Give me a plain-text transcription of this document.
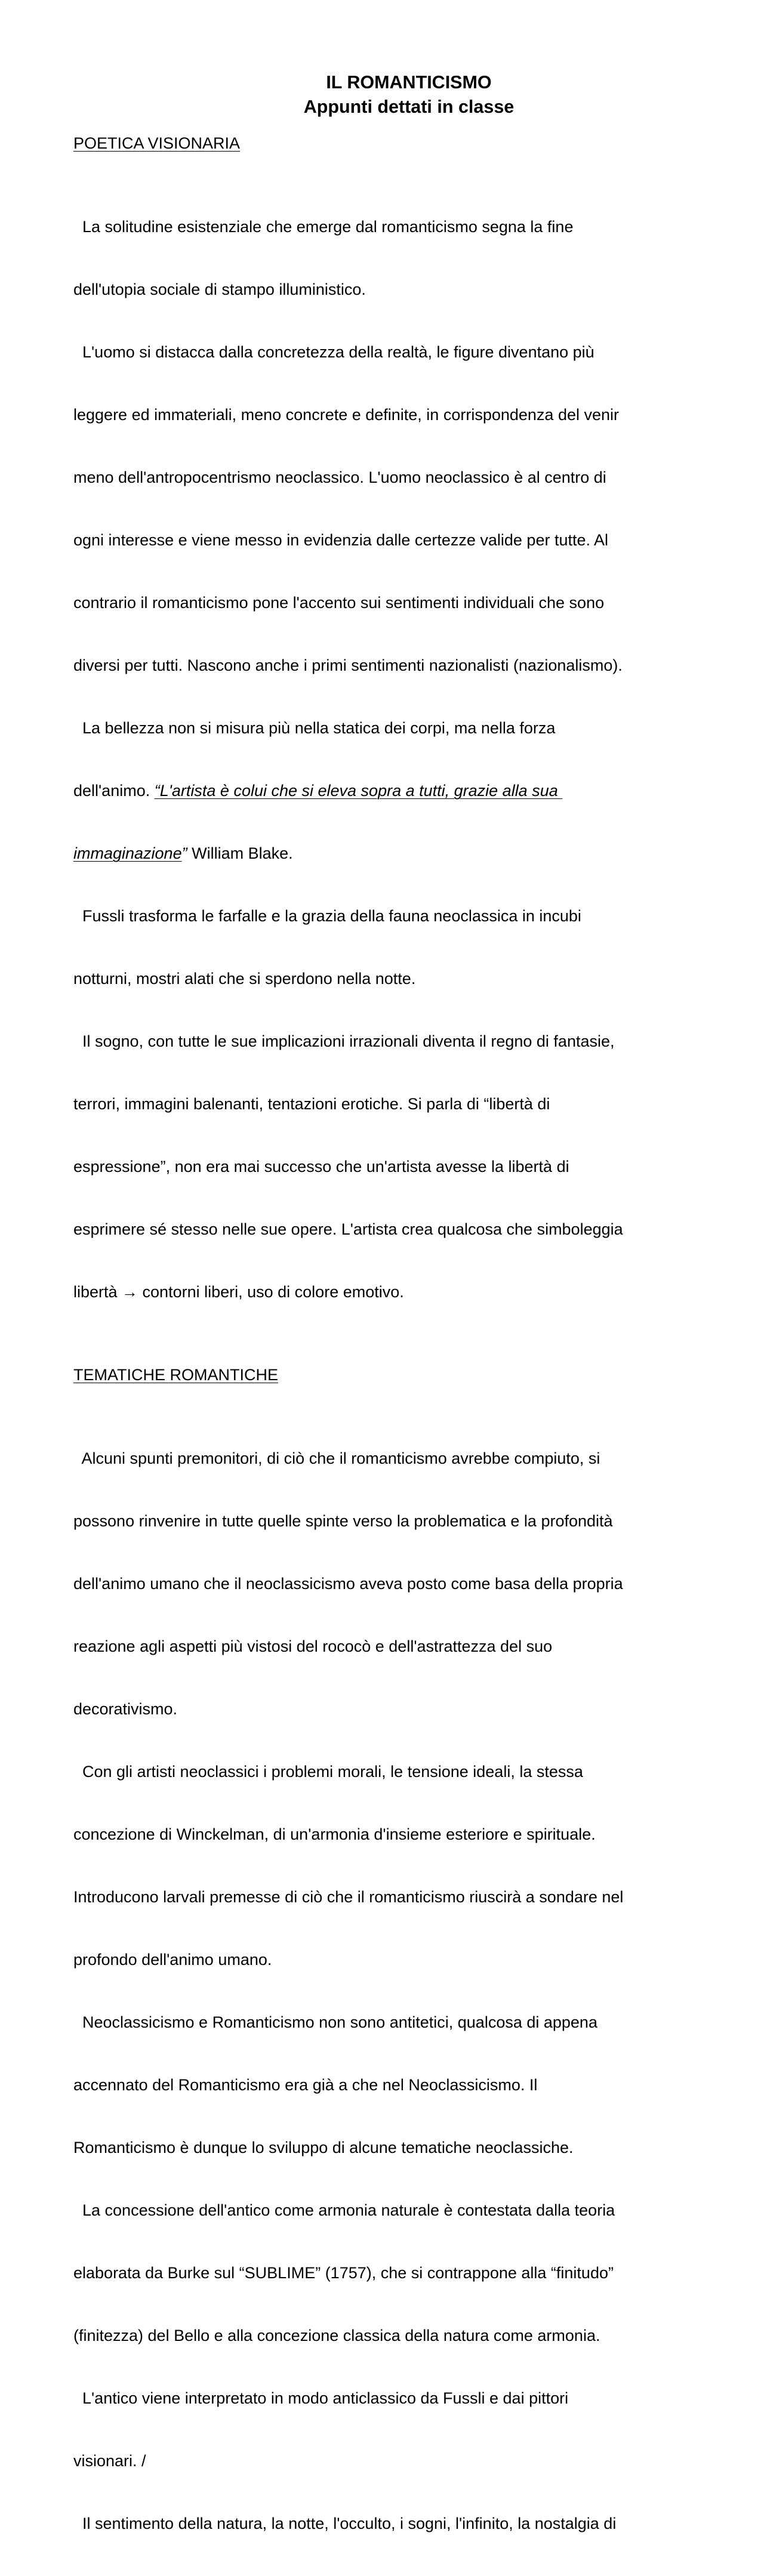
IL ROMANTICISMO
Appunti dettati in classe
POETICA VISIONARIA

La solitudine esistenziale che emerge dal romanticismo segna la fine

dell'utopia sociale di stampo illuministico.

L'uomo si distacca dalla concretezza della realtà, le figure diventano più

leggere ed immateriali, meno concrete e definite, in corrispondenza del venir

meno dell'antropocentrismo neoclassico. L'uomo neoclassico è al centro di

ogni interesse e viene messo in evidenzia dalle certezze valide per tutte. Al

contrario il romanticismo pone l'accento sui sentimenti individuali che sono

diversi per tutti. Nascono anche i primi sentimenti nazionalisti (nazionalismo).

La bellezza non si misura più nella statica dei corpi, ma nella forza

dell'animo. “L'artista è colui che si eleva sopra a tutti, grazie alla sua

immaginazione” William Blake.

Fussli trasforma le farfalle e la grazia della fauna neoclassica in incubi

notturni, mostri alati che si sperdono nella notte.

Il sogno, con tutte le sue implicazioni irrazionali diventa il regno di fantasie,

terrori, immagini balenanti, tentazioni erotiche. Si parla di “libertà di

espressione”, non era mai successo che un'artista avesse la libertà di

esprimere sé stesso nelle sue opere. L'artista crea qualcosa che simboleggia

libertà → contorni liberi, uso di colore emotivo.

TEMATICHE ROMANTICHE

Alcuni spunti premonitori, di ciò che il romanticismo avrebbe compiuto, si

possono rinvenire in tutte quelle spinte verso la problematica e la profondità

dell'animo umano che il neoclassicismo aveva posto come basa della propria

reazione agli aspetti più vistosi del rococò e dell'astrattezza del suo

decorativismo.

Con gli artisti neoclassici i problemi morali, le tensione ideali, la stessa

concezione di Winckelman, di un'armonia d'insieme esteriore e spirituale.

Introducono larvali premesse di ciò che il romanticismo riuscirà a sondare nel

profondo dell'animo umano.

Neoclassicismo e Romanticismo non sono antitetici, qualcosa di appena

accennato del Romanticismo era già a che nel Neoclassicismo. Il

Romanticismo è dunque lo sviluppo di alcune tematiche neoclassiche.

La concessione dell'antico come armonia naturale è contestata dalla teoria

elaborata da Burke sul “SUBLIME” (1757), che si contrappone alla “finitudo”

(finitezza) del Bello e alla concezione classica della natura come armonia.

L'antico viene interpretato in modo anticlassico da Fussli e dai pittori

visionari. /

Il sentimento della natura, la notte, l'occulto, i sogni, l'infinito, la nostalgia di
